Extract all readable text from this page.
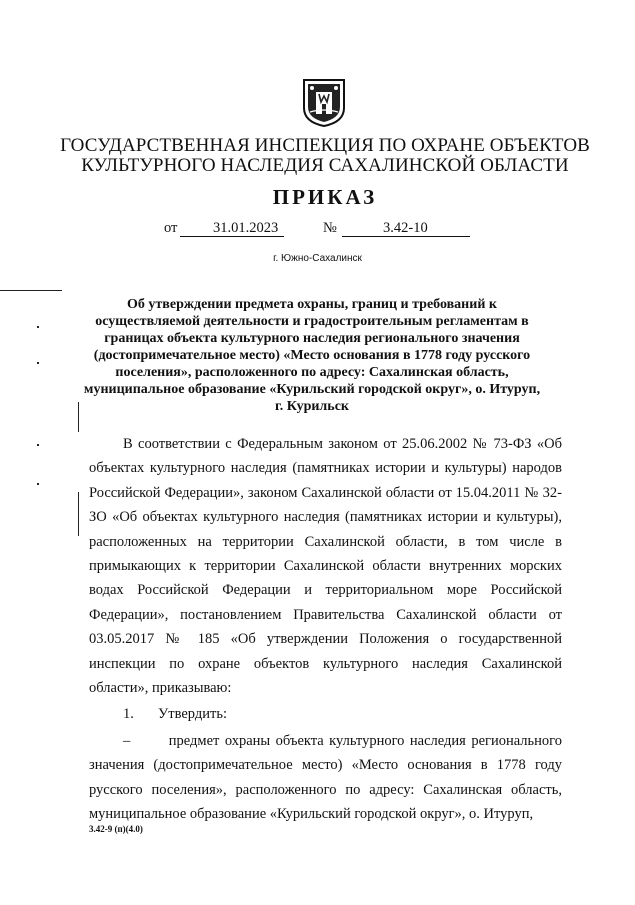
ГОСУДАРСТВЕННАЯ ИНСПЕКЦИЯ ПО ОХРАНЕ ОБЪЕКТОВ
КУЛЬТУРНОГО НАСЛЕДИЯ САХАЛИНСКОЙ ОБЛАСТИ
ПРИКАЗ
от 31.01.2023	№	3.42-10
г. Южно-Сахалинск
Об утверждении предмета охраны, границ и требований к осуществляемой деятельности и градостроительным регламентам в границах объекта культурного наследия регионального значения (достопримечательное место) «Место основания в 1778 году русского поселения», расположенного по адресу: Сахалинская область, муниципальное образование «Курильский городской округ», о. Итуруп, г. Курильск

В соответствии с Федеральным законом от 25.06.2002 № 73-ФЗ «Об объектах культурного наследия (памятниках истории и культуры) народов Российской Федерации», законом Сахалинской области от 15.04.2011 № 32-ЗО «Об объектах культурного наследия (памятниках истории и культуры), расположенных на территории Сахалинской области, в том числе в примыкающих к территории Сахалинской области внутренних морских водах Российской Федерации и территориальном море Российской Федерации», постановлением Правительства Сахалинской области от 03.05.2017 № 185 «Об утверждении Положения о государственной инспекции по охране объектов культурного наследия Сахалинской области», приказываю:

1.	Утвердить:

–	предмет охраны объекта культурного наследия регионального значения (достопримечательное место) «Место основания в 1778 году русского поселения», расположенного по адресу: Сахалинская область, муниципальное образование «Курильский городской округ», о. Итуруп,

3.42-9 (п)(4.0)
